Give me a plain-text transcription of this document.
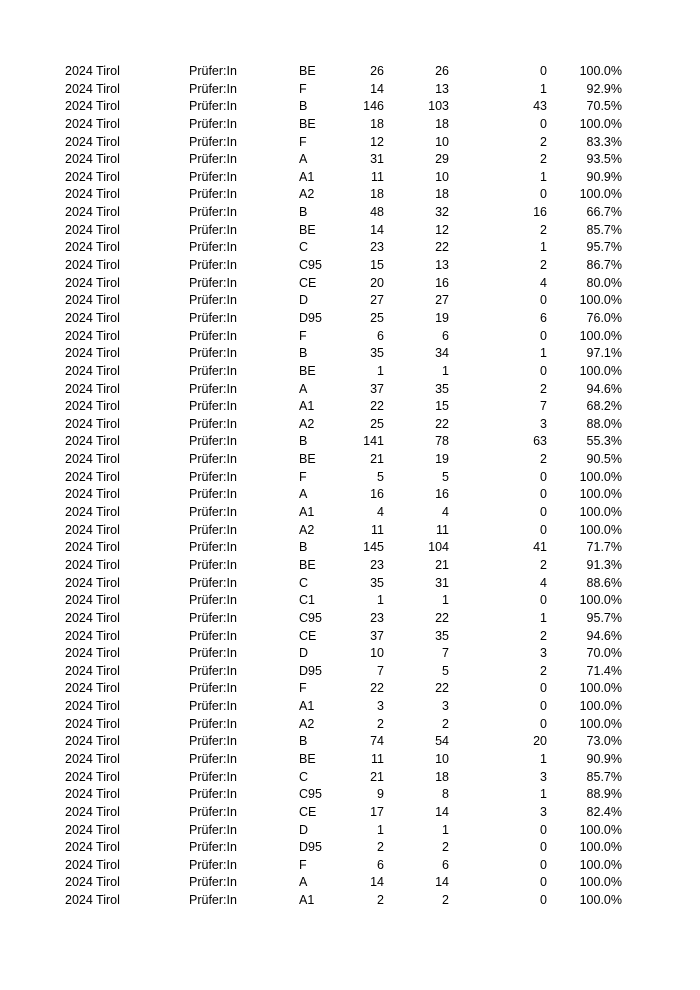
2024 Tirol	Prüfer:In	BE	26	26	0	100.0%
2024 Tirol	Prüfer:In	F	14	13	1	92.9%
2024 Tirol	Prüfer:In	B	146	103	43	70.5%
2024 Tirol	Prüfer:In	BE	18	18	0	100.0%
2024 Tirol	Prüfer:In	F	12	10	2	83.3%
2024 Tirol	Prüfer:In	A	31	29	2	93.5%
2024 Tirol	Prüfer:In	A1	11	10	1	90.9%
2024 Tirol	Prüfer:In	A2	18	18	0	100.0%
2024 Tirol	Prüfer:In	B	48	32	16	66.7%
2024 Tirol	Prüfer:In	BE	14	12	2	85.7%
2024 Tirol	Prüfer:In	C	23	22	1	95.7%
2024 Tirol	Prüfer:In	C95	15	13	2	86.7%
2024 Tirol	Prüfer:In	CE	20	16	4	80.0%
2024 Tirol	Prüfer:In	D	27	27	0	100.0%
2024 Tirol	Prüfer:In	D95	25	19	6	76.0%
2024 Tirol	Prüfer:In	F	6	6	0	100.0%
2024 Tirol	Prüfer:In	B	35	34	1	97.1%
2024 Tirol	Prüfer:In	BE	1	1	0	100.0%
2024 Tirol	Prüfer:In	A	37	35	2	94.6%
2024 Tirol	Prüfer:In	A1	22	15	7	68.2%
2024 Tirol	Prüfer:In	A2	25	22	3	88.0%
2024 Tirol	Prüfer:In	B	141	78	63	55.3%
2024 Tirol	Prüfer:In	BE	21	19	2	90.5%
2024 Tirol	Prüfer:In	F	5	5	0	100.0%
2024 Tirol	Prüfer:In	A	16	16	0	100.0%
2024 Tirol	Prüfer:In	A1	4	4	0	100.0%
2024 Tirol	Prüfer:In	A2	11	11	0	100.0%
2024 Tirol	Prüfer:In	B	145	104	41	71.7%
2024 Tirol	Prüfer:In	BE	23	21	2	91.3%
2024 Tirol	Prüfer:In	C	35	31	4	88.6%
2024 Tirol	Prüfer:In	C1	1	1	0	100.0%
2024 Tirol	Prüfer:In	C95	23	22	1	95.7%
2024 Tirol	Prüfer:In	CE	37	35	2	94.6%
2024 Tirol	Prüfer:In	D	10	7	3	70.0%
2024 Tirol	Prüfer:In	D95	7	5	2	71.4%
2024 Tirol	Prüfer:In	F	22	22	0	100.0%
2024 Tirol	Prüfer:In	A1	3	3	0	100.0%
2024 Tirol	Prüfer:In	A2	2	2	0	100.0%
2024 Tirol	Prüfer:In	B	74	54	20	73.0%
2024 Tirol	Prüfer:In	BE	11	10	1	90.9%
2024 Tirol	Prüfer:In	C	21	18	3	85.7%
2024 Tirol	Prüfer:In	C95	9	8	1	88.9%
2024 Tirol	Prüfer:In	CE	17	14	3	82.4%
2024 Tirol	Prüfer:In	D	1	1	0	100.0%
2024 Tirol	Prüfer:In	D95	2	2	0	100.0%
2024 Tirol	Prüfer:In	F	6	6	0	100.0%
2024 Tirol	Prüfer:In	A	14	14	0	100.0%
2024 Tirol	Prüfer:In	A1	2	2	0	100.0%
